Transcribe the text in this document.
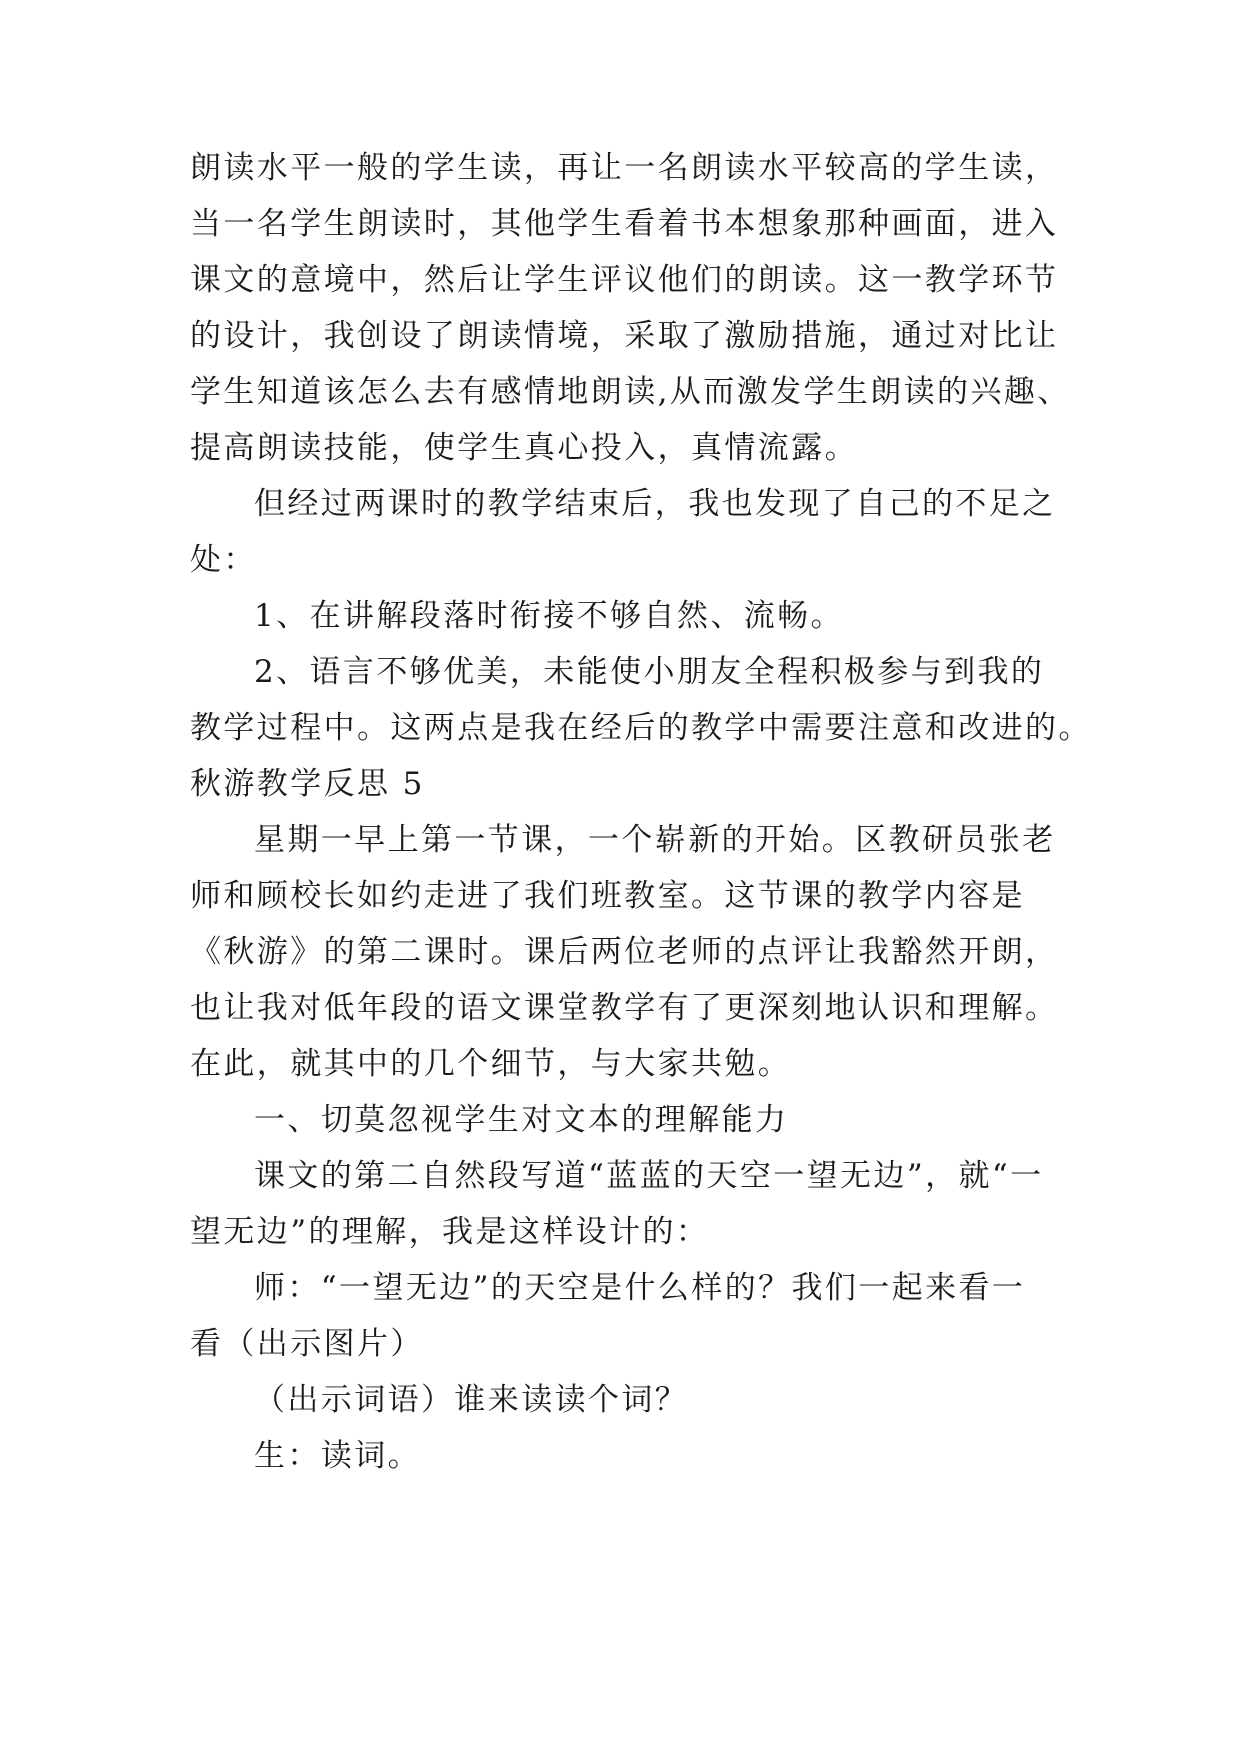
朗读水平一般的学生读，再让一名朗读水平较高的学生读，
当一名学生朗读时，其他学生看着书本想象那种画面，进入
课文的意境中，然后让学生评议他们的朗读。这一教学环节
的设计，我创设了朗读情境，采取了激励措施，通过对比让
学生知道该怎么去有感情地朗读,从而激发学生朗读的兴趣、
提高朗读技能，使学生真心投入，真情流露。
但经过两课时的教学结束后，我也发现了自己的不足之
处：
1、在讲解段落时衔接不够自然、流畅。
2、语言不够优美，未能使小朋友全程积极参与到我的
教学过程中。这两点是我在经后的教学中需要注意和改进的。
秋游教学反思 5
星期一早上第一节课，一个崭新的开始。区教研员张老
师和顾校长如约走进了我们班教室。这节课的教学内容是
《秋游》的第二课时。课后两位老师的点评让我豁然开朗，
也让我对低年段的语文课堂教学有了更深刻地认识和理解。
在此，就其中的几个细节，与大家共勉。
一、切莫忽视学生对文本的理解能力
课文的第二自然段写道“蓝蓝的天空一望无边”，就“一
望无边”的理解，我是这样设计的：
师：“一望无边”的天空是什么样的？我们一起来看一
看（出示图片）
（出示词语）谁来读读个词？
生：读词。
